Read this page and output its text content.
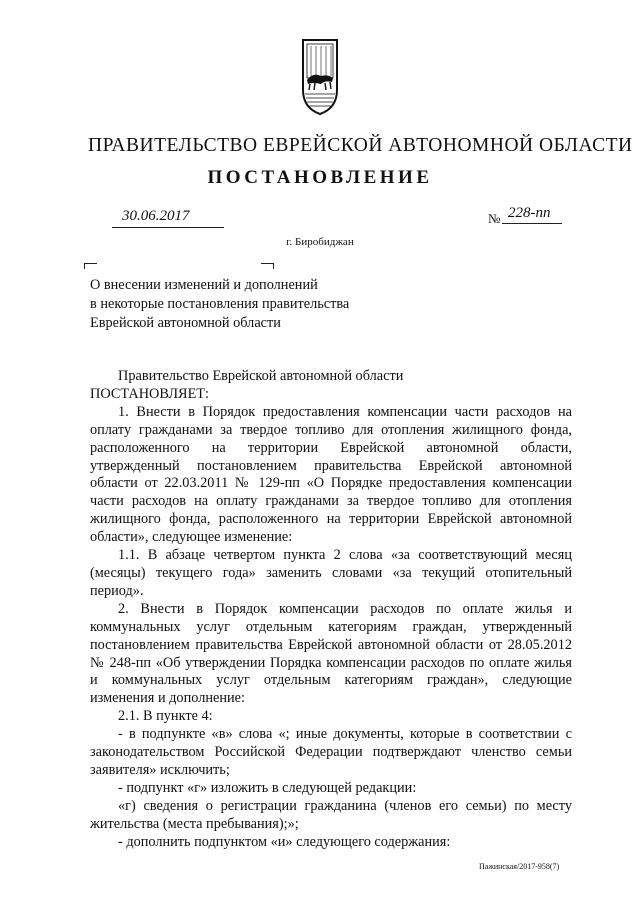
ПРАВИТЕЛЬСТВО ЕВРЕЙСКОЙ АВТОНОМНОЙ ОБЛАСТИ
ПОСТАНОВЛЕНИЕ
30.06.2017	№ 228-пп
г. Биробиджан
О внесении изменений и дополнений
в некоторые постановления правительства
Еврейской автономной области
Правительство Еврейской автономной области
ПОСТАНОВЛЯЕТ:
1. Внести в Порядок предоставления компенсации части расходов на
оплату гражданами за твердое топливо для отопления жилищного фонда,
расположенного на территории Еврейской автономной области,
утвержденный постановлением правительства Еврейской автономной
области от 22.03.2011 № 129-пп «О Порядке предоставления компенсации
части расходов на оплату гражданами за твердое топливо для отопления
жилищного фонда, расположенного на территории Еврейской автономной
области», следующее изменение:
1.1. В абзаце четвертом пункта 2 слова «за соответствующий месяц
(месяцы) текущего года» заменить словами «за текущий отопительный
период».
2. Внести в Порядок компенсации расходов по оплате жилья и
коммунальных услуг отдельным категориям граждан, утвержденный
постановлением правительства Еврейской автономной области от 28.05.2012
№ 248-пп «Об утверждении Порядка компенсации расходов по оплате жилья
и коммунальных услуг отдельным категориям граждан», следующие
изменения и дополнение:
2.1. В пункте 4:
- в подпункте «в» слова «; иные документы, которые в соответствии с
законодательством Российской Федерации подтверждают членство семьи
заявителя» исключить;
- подпункт «г» изложить в следующей редакции:
«г) сведения о регистрации гражданина (членов его семьи) по месту
жительства (места пребывания);»;
- дополнить подпунктом «и» следующего содержания:
Пажинская/2017-958(7)
